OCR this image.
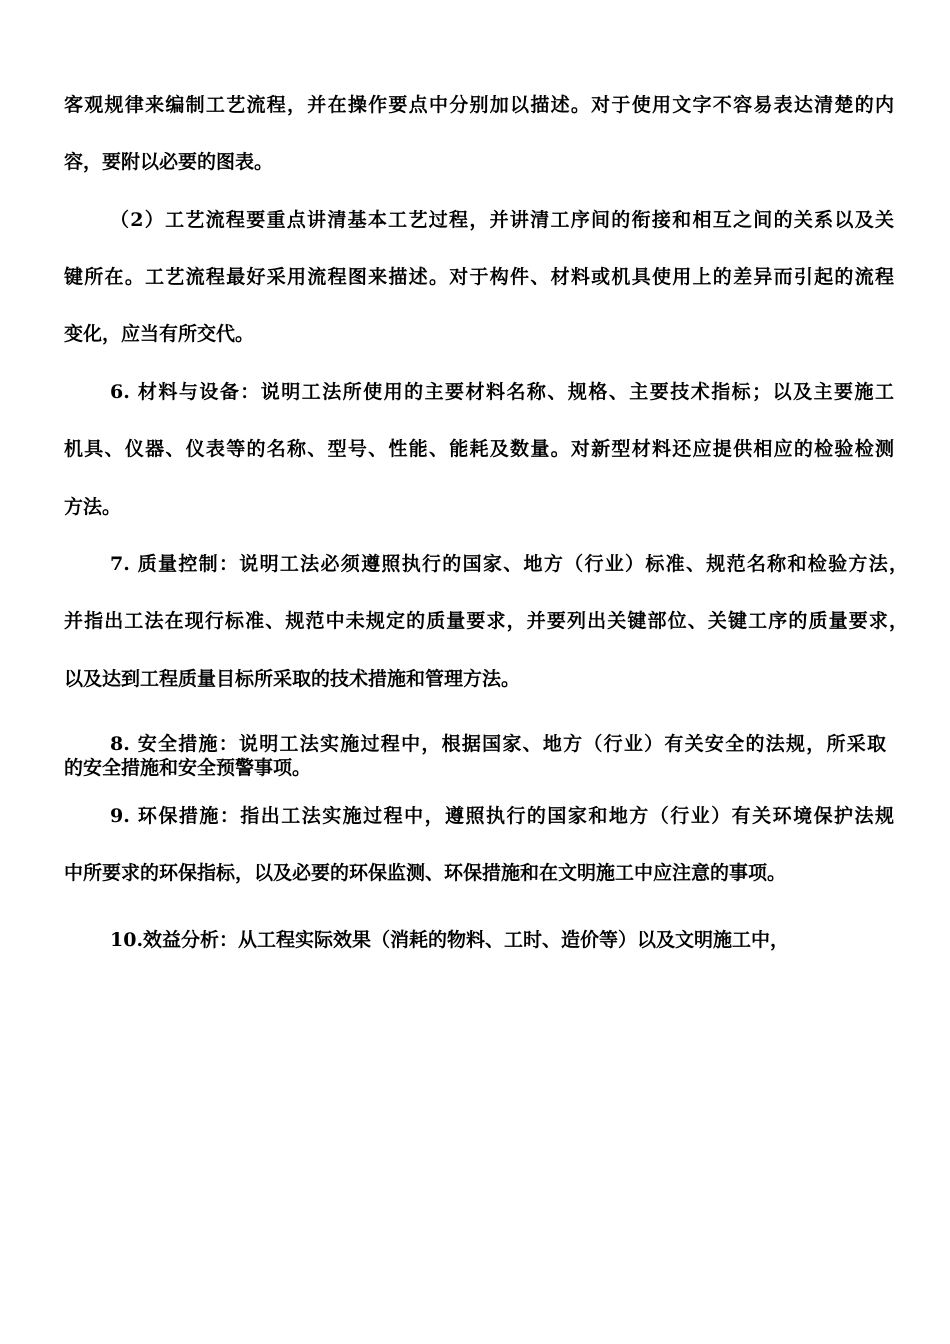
客观规律来编制工艺流程，并在操作要点中分别加以描述。对于使用文字不容易表达清楚的内
容，要附以必要的图表。
（2）工艺流程要重点讲清基本工艺过程，并讲清工序间的衔接和相互之间的关系以及关
键所在。工艺流程最好采用流程图来描述。对于构件、材料或机具使用上的差异而引起的流程
变化，应当有所交代。
6. 材料与设备：说明工法所使用的主要材料名称、规格、主要技术指标；以及主要施工
机具、仪器、仪表等的名称、型号、性能、能耗及数量。对新型材料还应提供相应的检验检测
方法。
7. 质量控制：说明工法必须遵照执行的国家、地方（行业）标准、规范名称和检验方法，
并指出工法在现行标准、规范中未规定的质量要求，并要列出关键部位、关键工序的质量要求，
以及达到工程质量目标所采取的技术措施和管理方法。
8. 安全措施：说明工法实施过程中，根据国家、地方（行业）有关安全的法规，所采取
的安全措施和安全预警事项。
9. 环保措施：指出工法实施过程中，遵照执行的国家和地方（行业）有关环境保护法规
中所要求的环保指标，以及必要的环保监测、环保措施和在文明施工中应注意的事项。
10.效益分析：从工程实际效果（消耗的物料、工时、造价等）以及文明施工中，
